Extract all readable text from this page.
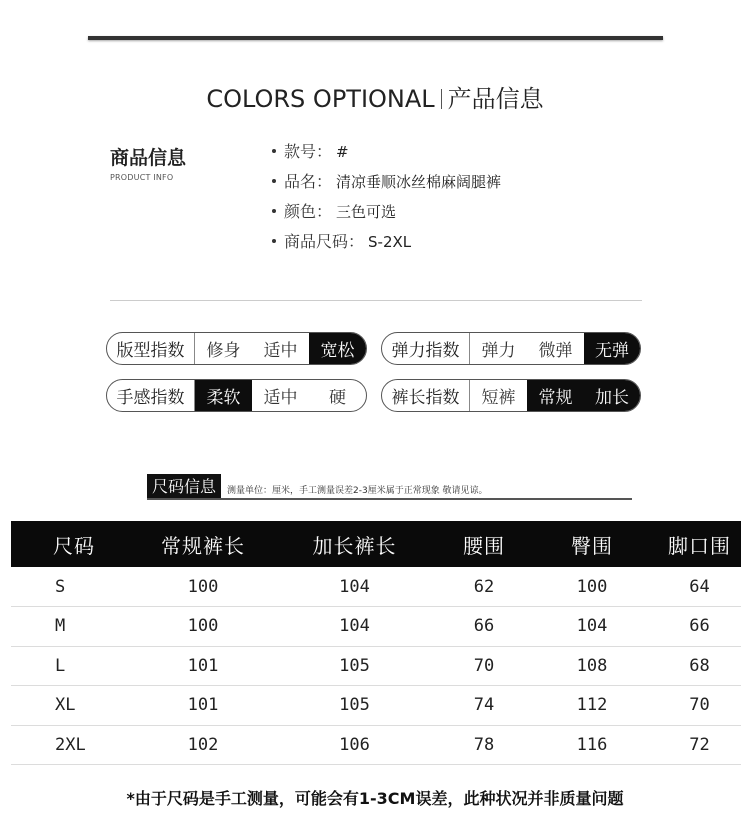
COLORS OPTIONAL 产品信息
商品信息
PRODUCT INFO
款号： #
品名： 清凉垂顺冰丝棉麻阔腿裤
颜色： 三色可选
商品尺码： S-2XL
版型指数	修身	适中	宽松	弹力指数	弹力	微弹	无弹
手感指数	柔软	适中	硬	裤长指数	短裤	常规	加长
尺码信息	测量单位：厘米，手工测量误差2-3厘米属于正常现象 敬请见谅。
尺码	常规裤长	加长裤长	腰围	臀围	脚口围
S	100	104	62	100	64
M	100	104	66	104	66
L	101	105	70	108	68
XL	101	105	74	112	70
2XL	102	106	78	116	72
*由于尺码是手工测量，可能会有1-3CM误差，此种状况并非质量问题
